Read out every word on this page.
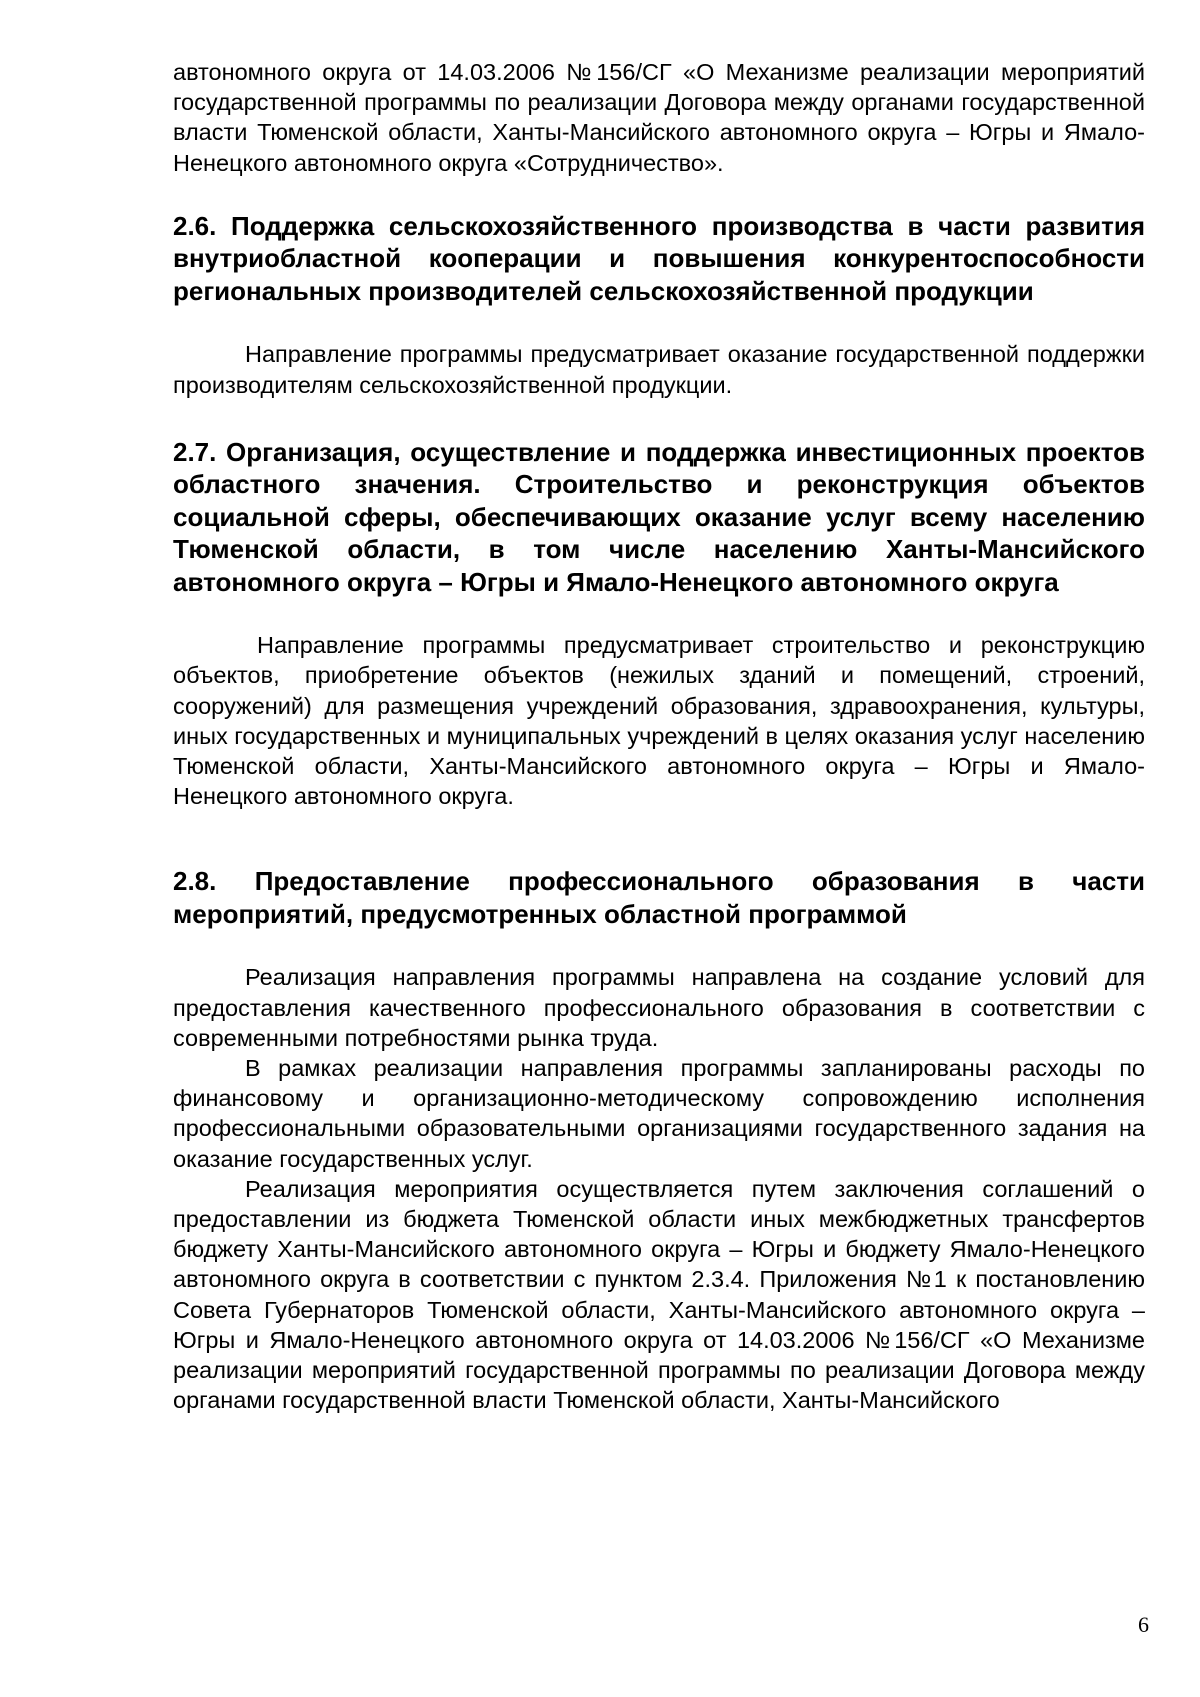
автономного округа от 14.03.2006 №156/СГ «О Механизме реализации мероприятий государственной программы по реализации Договора между органами государственной власти Тюменской области, Ханты-Мансийского автономного округа – Югры и Ямало-Ненецкого автономного округа «Сотрудничество».

2.6. Поддержка сельскохозяйственного производства в части развития внутриобластной кооперации и повышения конкурентоспособности региональных производителей сельскохозяйственной продукции

Направление программы предусматривает оказание государственной поддержки производителям сельскохозяйственной продукции.

2.7. Организация, осуществление и поддержка инвестиционных проектов областного значения. Строительство и реконструкция объектов социальной сферы, обеспечивающих оказание услуг всему населению Тюменской области, в том числе населению Ханты-Мансийского автономного округа – Югры и Ямало-Ненецкого автономного округа

Направление программы предусматривает строительство и реконструкцию объектов, приобретение объектов (нежилых зданий и помещений, строений, сооружений) для размещения учреждений образования, здравоохранения, культуры, иных государственных и муниципальных учреждений в целях оказания услуг населению Тюменской области, Ханты-Мансийского автономного округа – Югры и Ямало-Ненецкого автономного округа.

2.8. Предоставление профессионального образования в части мероприятий, предусмотренных областной программой

Реализация направления программы направлена на создание условий для предоставления качественного профессионального образования в соответствии с современными потребностями рынка труда.

В рамках реализации направления программы запланированы расходы по финансовому и организационно-методическому сопровождению исполнения профессиональными образовательными организациями государственного задания на оказание государственных услуг.

Реализация мероприятия осуществляется путем заключения соглашений о предоставлении из бюджета Тюменской области иных межбюджетных трансфертов бюджету Ханты-Мансийского автономного округа – Югры и бюджету Ямало-Ненецкого автономного округа в соответствии с пунктом 2.3.4. Приложения №1 к постановлению Совета Губернаторов Тюменской области, Ханты-Мансийского автономного округа – Югры и Ямало-Ненецкого автономного округа от 14.03.2006 №156/СГ «О Механизме реализации мероприятий государственной программы по реализации Договора между органами государственной власти Тюменской области, Ханты-Мансийского

6
